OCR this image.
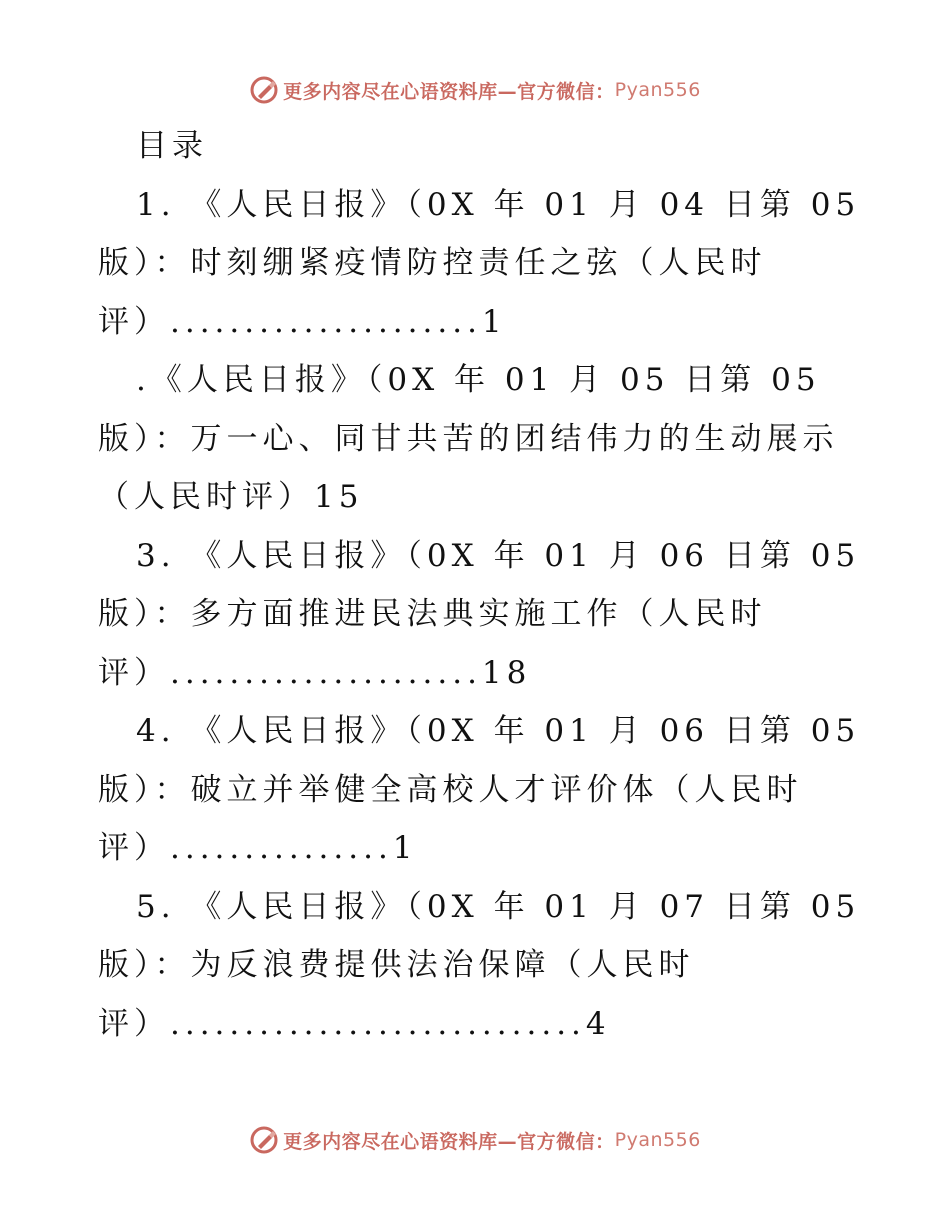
更多内容尽在心语资料库—官方微信： Pyan556
目录
1. 《人民日报》（0X 年 01 月 04 日第 05
版）：时刻绷紧疫情防控责任之弦（人民时
评）.....................1
.《人民日报》（0X 年 01 月 05 日第 05
版）：万一心、同甘共苦的团结伟力的生动展示
（人民时评）15
3. 《人民日报》（0X 年 01 月 06 日第 05
版）：多方面推进民法典实施工作（人民时
评）.....................18
4. 《人民日报》（0X 年 01 月 06 日第 05
版）：破立并举健全高校人才评价体（人民时
评）...............1
5. 《人民日报》（0X 年 01 月 07 日第 05
版）：为反浪费提供法治保障（人民时
评）............................4
更多内容尽在心语资料库—官方微信： Pyan556
